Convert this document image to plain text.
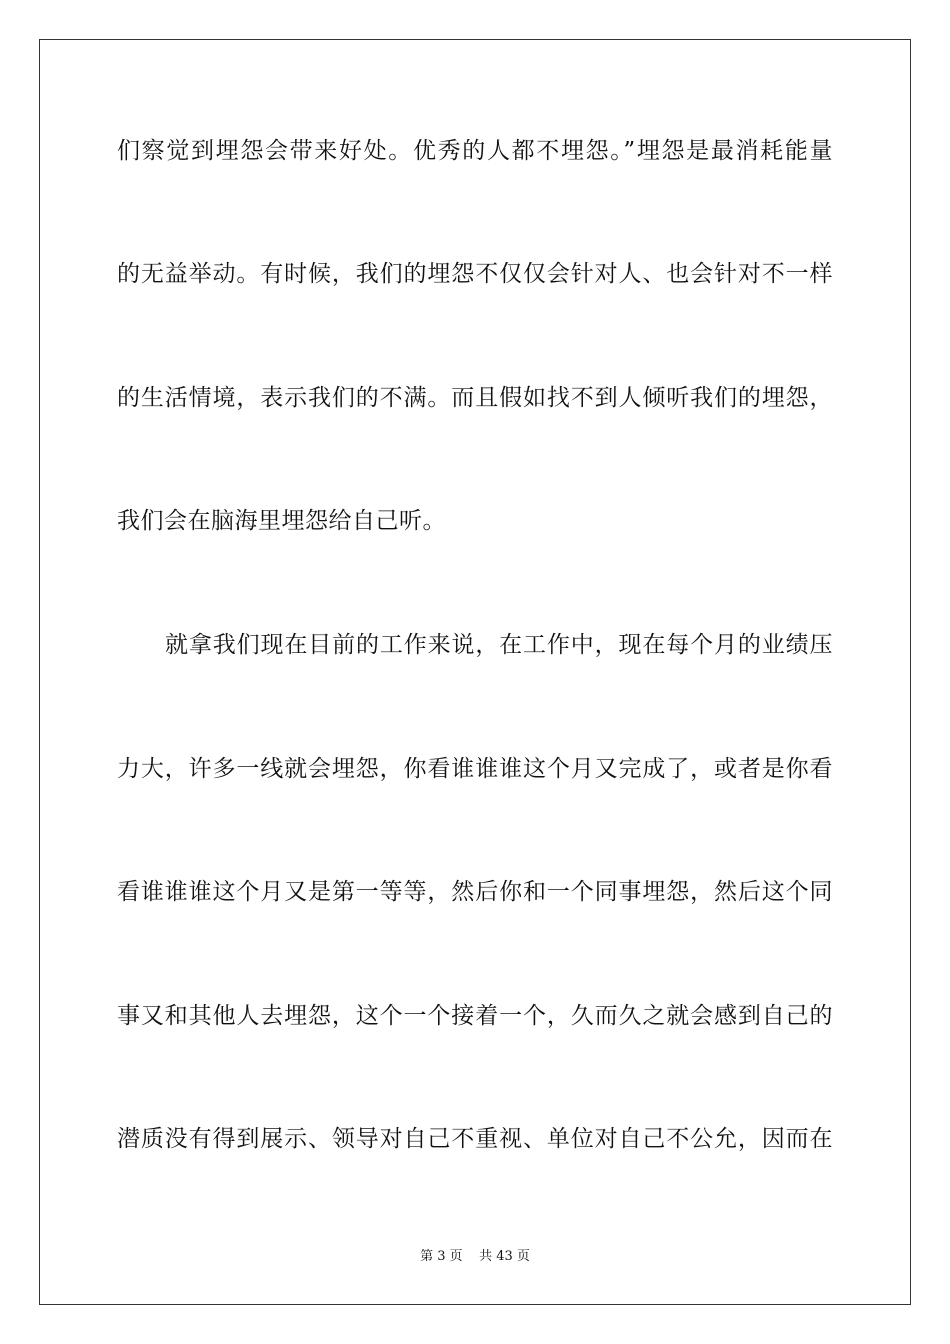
们察觉到埋怨会带来好处。优秀的人都不埋怨。”埋怨是最消耗能量

的无益举动。有时候，我们的埋怨不仅仅会针对人、也会针对不一样

的生活情境，表示我们的不满。而且假如找不到人倾听我们的埋怨，

我们会在脑海里埋怨给自己听。

就拿我们现在目前的工作来说，在工作中，现在每个月的业绩压

力大，许多一线就会埋怨，你看谁谁谁这个月又完成了，或者是你看

看谁谁谁这个月又是第一等等，然后你和一个同事埋怨，然后这个同

事又和其他人去埋怨，这个一个接着一个，久而久之就会感到自己的

潜质没有得到展示、领导对自己不重视、单位对自己不公允，因而在

第 3 页    共 43 页
